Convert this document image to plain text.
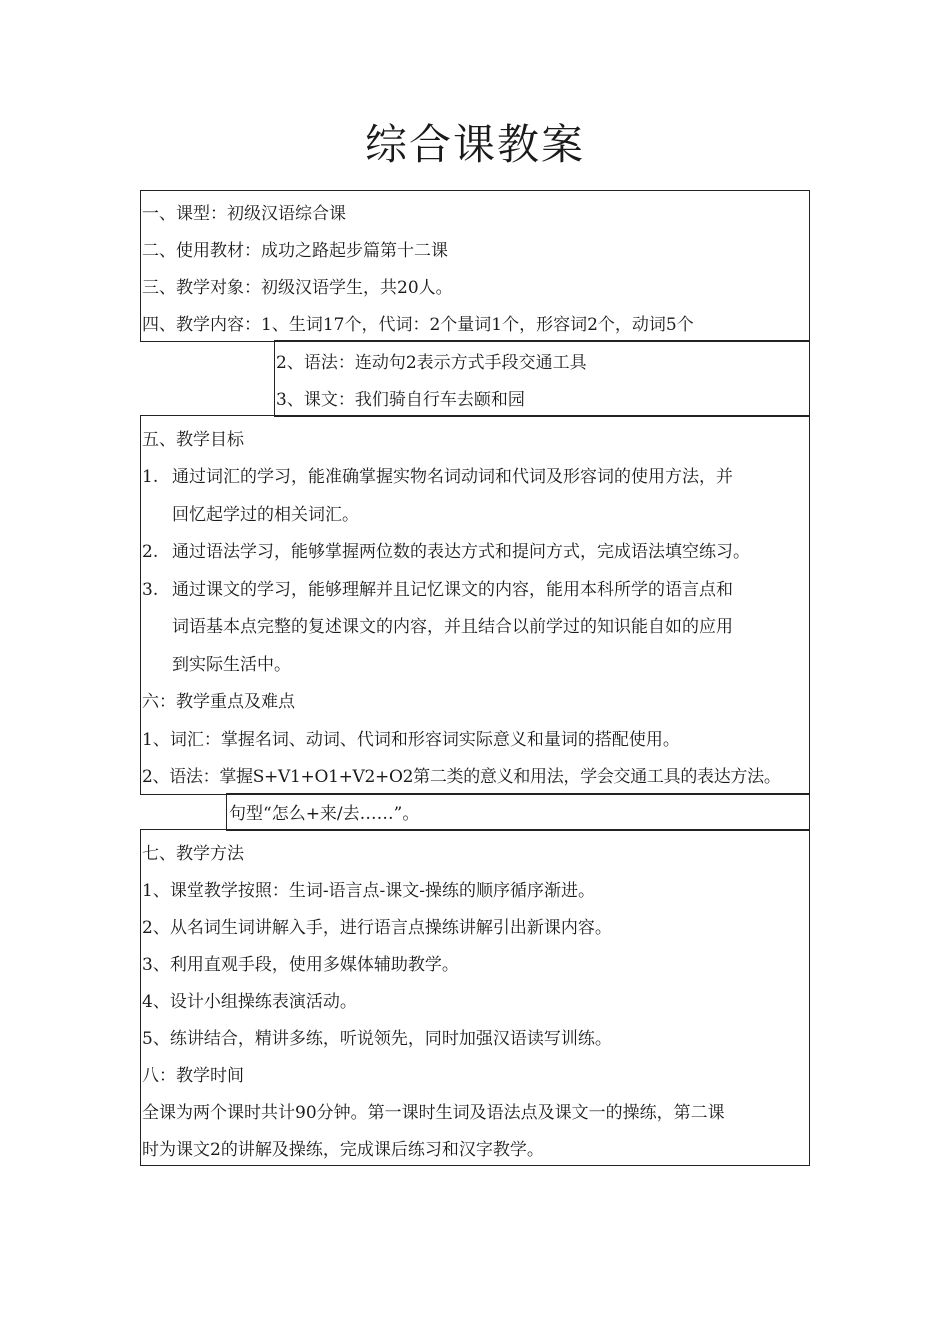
综合课教案
一、课型：初级汉语综合课
二、使用教材：成功之路起步篇第十二课
三、教学对象：初级汉语学生，共20人。
四、教学内容：1、生词17个，代词：2个量词1个，形容词2个，动词5个
2、语法：连动句2表示方式手段交通工具
3、课文：我们骑自行车去颐和园
五、教学目标
1. 通过词汇的学习，能准确掌握实物名词动词和代词及形容词的使用方法，并
回忆起学过的相关词汇。
2. 通过语法学习，能够掌握两位数的表达方式和提问方式，完成语法填空练习。
3. 通过课文的学习，能够理解并且记忆课文的内容，能用本科所学的语言点和
词语基本点完整的复述课文的内容，并且结合以前学过的知识能自如的应用
到实际生活中。
六：教学重点及难点
1、词汇：掌握名词、动词、代词和形容词实际意义和量词的搭配使用。
2、语法：掌握S+V1+O1+V2+O2第二类的意义和用法，学会交通工具的表达方法。
句型“怎么+来/去……”。
七、教学方法
1、课堂教学按照：生词-语言点-课文-操练的顺序循序渐进。
2、从名词生词讲解入手，进行语言点操练讲解引出新课内容。
3、利用直观手段，使用多媒体辅助教学。
4、设计小组操练表演活动。
5、练讲结合，精讲多练，听说领先，同时加强汉语读写训练。
八：教学时间
全课为两个课时共计90分钟。第一课时生词及语法点及课文一的操练，第二课
时为课文2的讲解及操练，完成课后练习和汉字教学。
